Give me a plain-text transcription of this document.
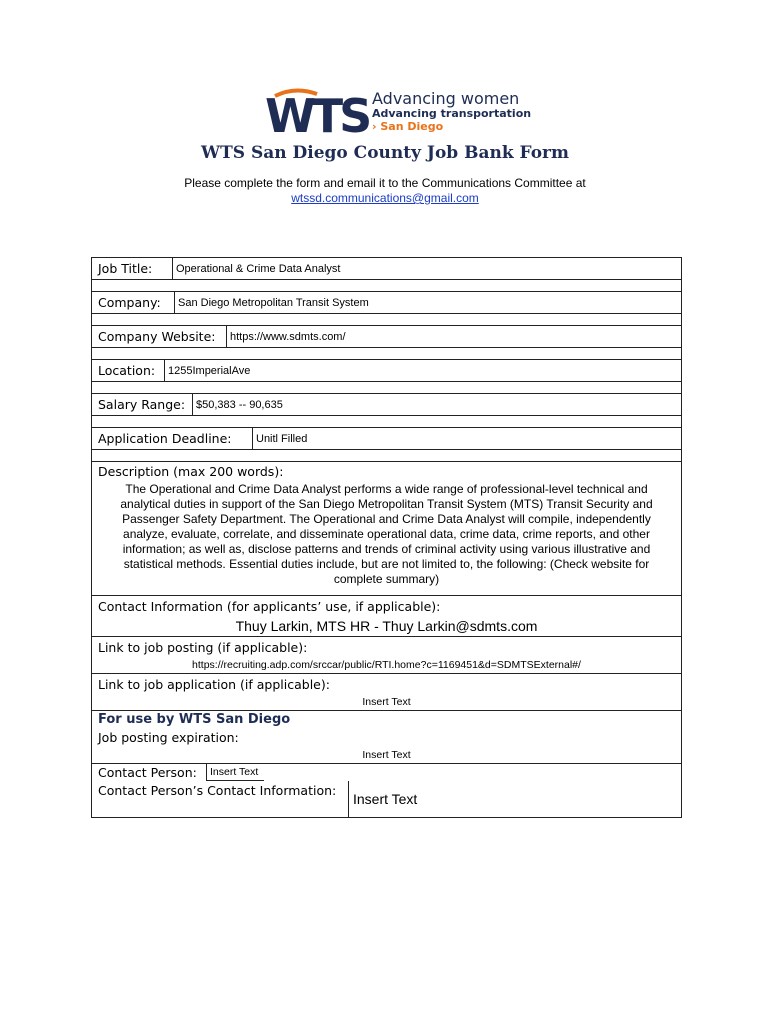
WTS Advancing women
Advancing transportation
› San Diego
WTS San Diego County Job Bank Form
Please complete the form and email it to the Communications Committee at
wtssd.communications@gmail.com
Job Title:	Operational & Crime Data Analyst
Company:	San Diego Metropolitan Transit System
Company Website:	https://www.sdmts.com/
Location:	1255ImperialAve
Salary Range: $50,383 -- 90,635
Application Deadline:	Unitl Filled
Description (max 200 words):
The Operational and Crime Data Analyst performs a wide range of professional-level technical and analytical duties in support of the San Diego Metropolitan Transit System (MTS) Transit Security and Passenger Safety Department. The Operational and Crime Data Analyst will compile, independently analyze, evaluate, correlate, and disseminate operational data, crime data, crime reports, and other information; as well as, disclose patterns and trends of criminal activity using various illustrative and statistical methods. Essential duties include, but are not limited to, the following: (Check website for complete summary)
Contact Information (for applicants’ use, if applicable):
Thuy Larkin, MTS HR - Thuy Larkin@sdmts.com
Link to job posting (if applicable):
https://recruiting.adp.com/srccar/public/RTI.home?c=1169451&d=SDMTSExternal#/
Link to job application (if applicable):
Insert Text
For use by WTS San Diego
Job posting expiration:
Insert Text
Contact Person:	Insert Text
Contact Person’s Contact Information:
Insert Text
